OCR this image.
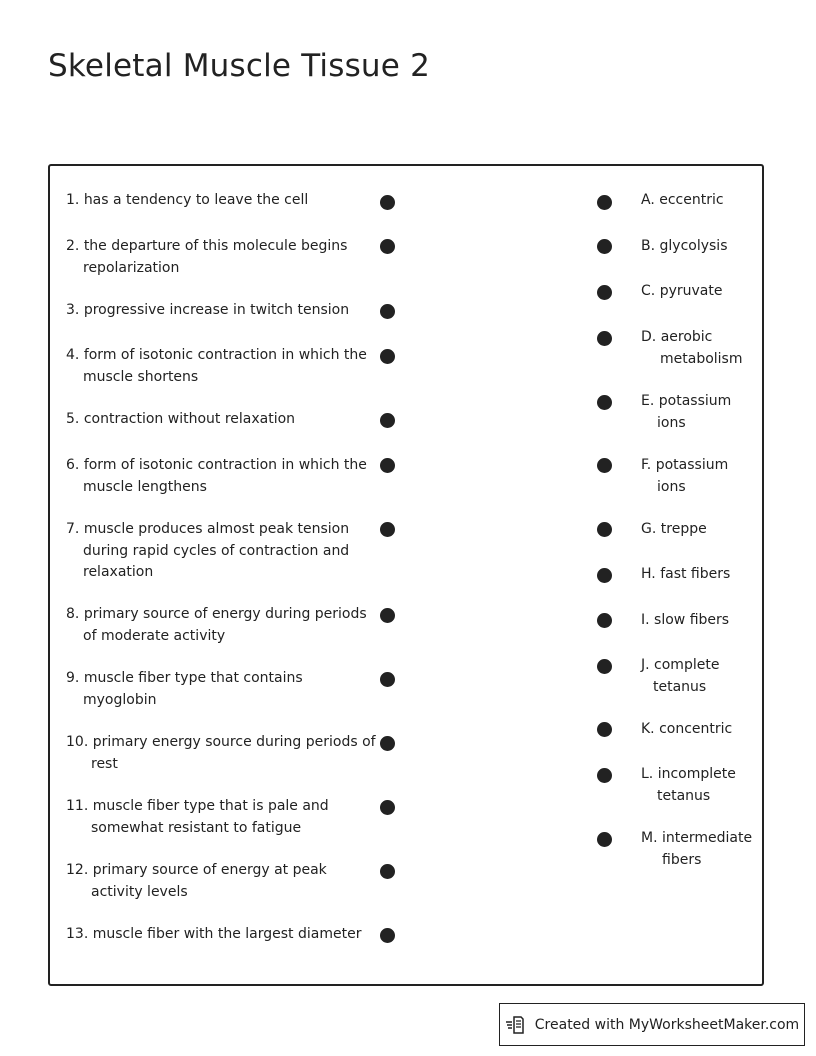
Skeletal Muscle Tissue 2
1. has a tendency to leave the cell
2. the departure of this molecule begins repolarization
3. progressive increase in twitch tension
4. form of isotonic contraction in which the muscle shortens
5. contraction without relaxation
6. form of isotonic contraction in which the muscle lengthens
7. muscle produces almost peak tension during rapid cycles of contraction and relaxation
8. primary source of energy during periods of moderate activity
9. muscle fiber type that contains myoglobin
10. primary energy source during periods of rest
11. muscle fiber type that is pale and somewhat resistant to fatigue
12. primary source of energy at peak activity levels
13. muscle fiber with the largest diameter
A. eccentric
B. glycolysis
C. pyruvate
D. aerobic
metabolism
E. potassium
ions
F. potassium
ions
G. treppe
H. fast fibers
I. slow fibers
J. complete
tetanus
K. concentric
L. incomplete
tetanus
M. intermediate
fibers
Created with MyWorksheetMaker.com
